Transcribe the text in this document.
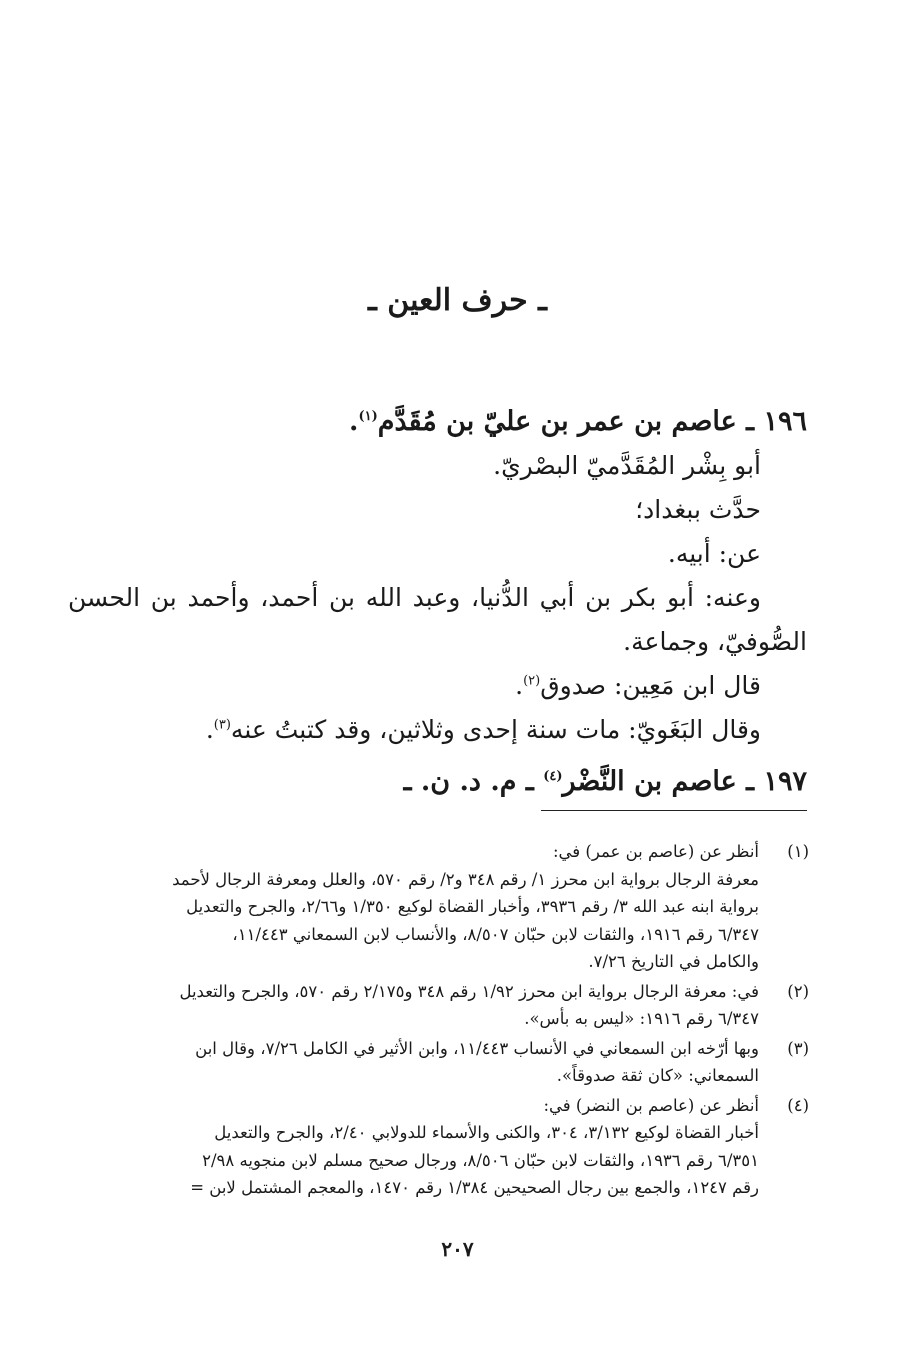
ـ حرف العين ـ
١٩٦ ـ عاصم بن عمر بن عليّ بن مُقَدَّم$^{(١)}$.
أبو بِشْر المُقَدَّميّ البصْريّ.
حدَّث ببغداد؛
عن: أبيه.
وعنه: أبو بكر بن أبي الدُّنيا، وعبد الله بن أحمد، وأحمد بن الحسن
الصُّوفيّ، وجماعة.
قال ابن مَعِين: صدوق$^{(٢)}$.
وقال البَغَويّ: مات سنة إحدى وثلاثين، وقد كتبتُ عنه$^{(٣)}$.
١٩٧ ـ عاصم بن النَّضْر$^{(٤)}$ ـ م. د. ن. ـ
(١)
أنظر عن (عاصم بن عمر) في:
معرفة الرجال برواية ابن محرز ١/ رقم ٣٤٨ و٢/ رقم ٥٧٠، والعلل ومعرفة الرجال لأحمد
برواية ابنه عبد الله ٣/ رقم ٣٩٣٦، وأخبار القضاة لوكيع ١/٣٥٠ و٢/٦٦، والجرح والتعديل
٦/٣٤٧ رقم ١٩١٦، والثقات لابن حبّان ٨/٥٠٧، والأنساب لابن السمعاني ١١/٤٤٣،
والكامل في التاريخ ٧/٢٦.
(٢)
في: معرفة الرجال برواية ابن محرز ١/٩٢ رقم ٣٤٨ و٢/١٧٥ رقم ٥٧٠، والجرح والتعديل
٦/٣٤٧ رقم ١٩١٦: «ليس به بأس».
(٣)
وبها أرّخه ابن السمعاني في الأنساب ١١/٤٤٣، وابن الأثير في الكامل ٧/٢٦، وقال ابن
السمعاني: «كان ثقة صدوقاً».
(٤)
أنظر عن (عاصم بن النضر) في:
أخبار القضاة لوكيع ٣/١٣٢، ٣٠٤، والكنى والأسماء للدولابي ٢/٤٠، والجرح والتعديل
٦/٣٥١ رقم ١٩٣٦، والثقات لابن حبّان ٨/٥٠٦، ورجال صحيح مسلم لابن منجويه ٢/٩٨
رقم ١٢٤٧، والجمع بين رجال الصحيحين ١/٣٨٤ رقم ١٤٧٠، والمعجم المشتمل لابن =
٢٠٧
